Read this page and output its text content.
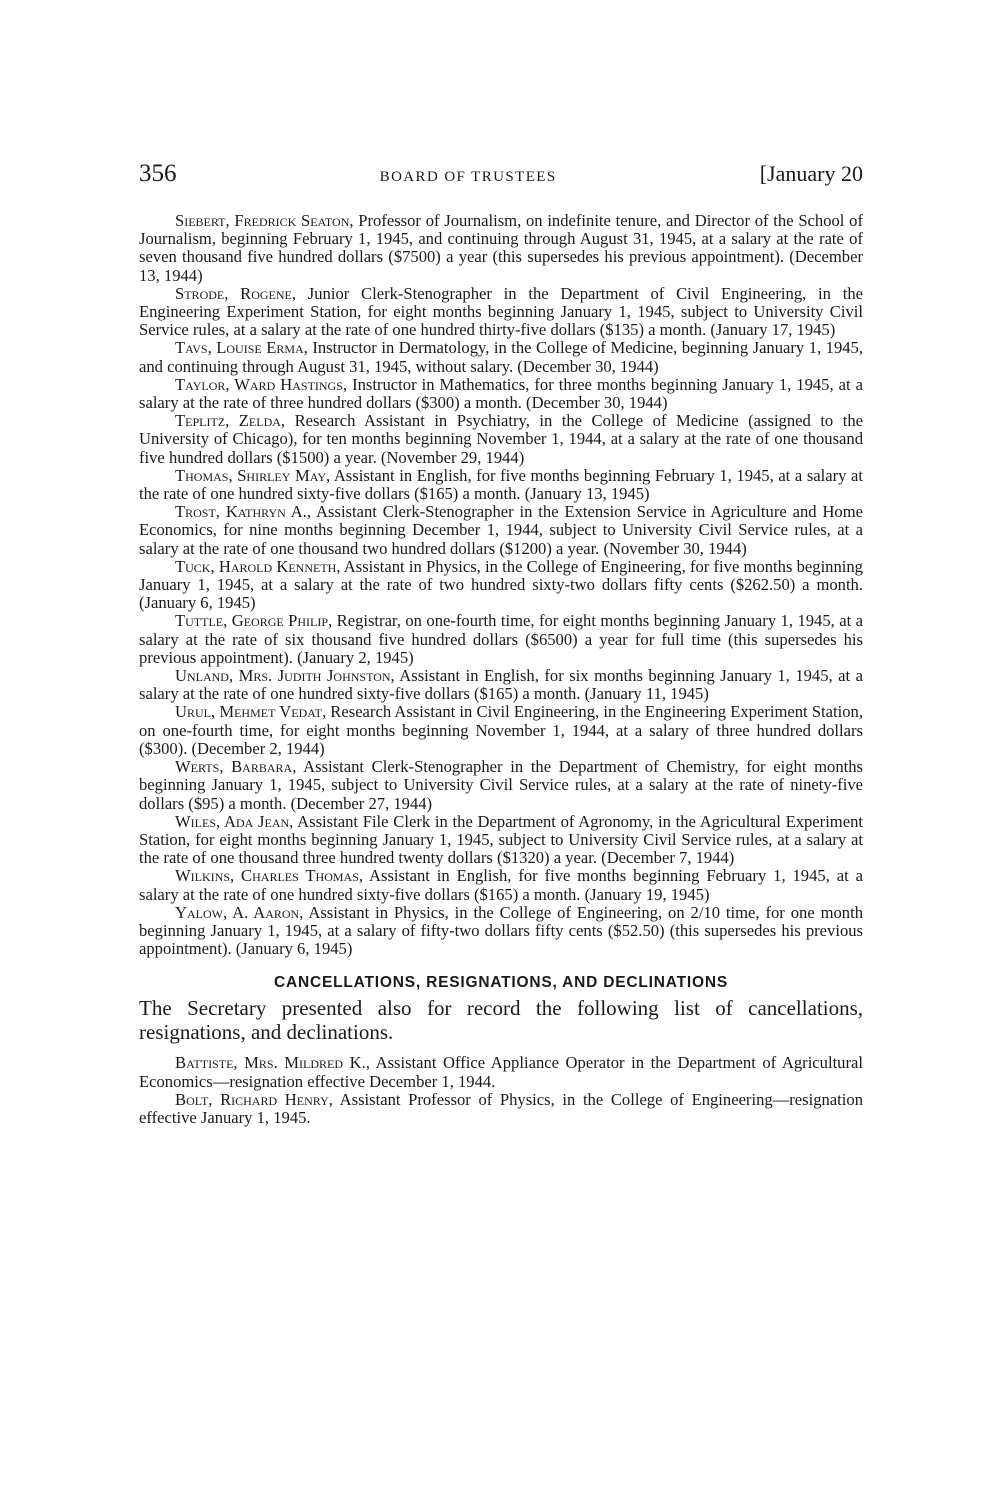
356	BOARD OF TRUSTEES	[January 20

Siebert, Fredrick Seaton, Professor of Journalism, on indefinite tenure, and Director of the School of Journalism, beginning February 1, 1945, and continuing through August 31, 1945, at a salary at the rate of seven thousand five hundred dollars ($7500) a year (this supersedes his previous appointment). (December 13, 1944)

Strode, Rogene, Junior Clerk-Stenographer in the Department of Civil Engineering, in the Engineering Experiment Station, for eight months beginning January 1, 1945, subject to University Civil Service rules, at a salary at the rate of one hundred thirty-five dollars ($135) a month. (January 17, 1945)

Tavs, Louise Erma, Instructor in Dermatology, in the College of Medicine, beginning January 1, 1945, and continuing through August 31, 1945, without salary. (December 30, 1944)

Taylor, Ward Hastings, Instructor in Mathematics, for three months beginning January 1, 1945, at a salary at the rate of three hundred dollars ($300) a month. (December 30, 1944)

Teplitz, Zelda, Research Assistant in Psychiatry, in the College of Medicine (assigned to the University of Chicago), for ten months beginning November 1, 1944, at a salary at the rate of one thousand five hundred dollars ($1500) a year. (November 29, 1944)

Thomas, Shirley May, Assistant in English, for five months beginning February 1, 1945, at a salary at the rate of one hundred sixty-five dollars ($165) a month. (January 13, 1945)

Trost, Kathryn A., Assistant Clerk-Stenographer in the Extension Service in Agriculture and Home Economics, for nine months beginning December 1, 1944, subject to University Civil Service rules, at a salary at the rate of one thousand two hundred dollars ($1200) a year. (November 30, 1944)

Tuck, Harold Kenneth, Assistant in Physics, in the College of Engineering, for five months beginning January 1, 1945, at a salary at the rate of two hundred sixty-two dollars fifty cents ($262.50) a month. (January 6, 1945)

Tuttle, George Philip, Registrar, on one-fourth time, for eight months beginning January 1, 1945, at a salary at the rate of six thousand five hundred dollars ($6500) a year for full time (this supersedes his previous appointment). (January 2, 1945)

Unland, Mrs. Judith Johnston, Assistant in English, for six months beginning January 1, 1945, at a salary at the rate of one hundred sixty-five dollars ($165) a month. (January 11, 1945)

Urul, Mehmet Vedat, Research Assistant in Civil Engineering, in the Engineering Experiment Station, on one-fourth time, for eight months beginning November 1, 1944, at a salary of three hundred dollars ($300). (December 2, 1944)

Werts, Barbara, Assistant Clerk-Stenographer in the Department of Chemistry, for eight months beginning January 1, 1945, subject to University Civil Service rules, at a salary at the rate of ninety-five dollars ($95) a month. (December 27, 1944)

Wiles, Ada Jean, Assistant File Clerk in the Department of Agronomy, in the Agricultural Experiment Station, for eight months beginning January 1, 1945, subject to University Civil Service rules, at a salary at the rate of one thousand three hundred twenty dollars ($1320) a year. (December 7, 1944)

Wilkins, Charles Thomas, Assistant in English, for five months beginning February 1, 1945, at a salary at the rate of one hundred sixty-five dollars ($165) a month. (January 19, 1945)

Yalow, A. Aaron, Assistant in Physics, in the College of Engineering, on 2/10 time, for one month beginning January 1, 1945, at a salary of fifty-two dollars fifty cents ($52.50) (this supersedes his previous appointment). (January 6, 1945)

CANCELLATIONS, RESIGNATIONS, AND DECLINATIONS

The Secretary presented also for record the following list of cancellations, resignations, and declinations.

Battiste, Mrs. Mildred K., Assistant Office Appliance Operator in the Department of Agricultural Economics—resignation effective December 1, 1944.

Bolt, Richard Henry, Assistant Professor of Physics, in the College of Engineering—resignation effective January 1, 1945.
